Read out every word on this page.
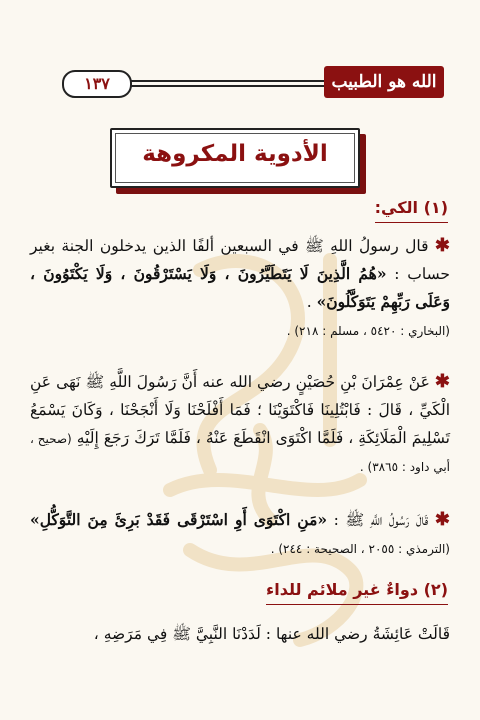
١٣٧	الله هو الطبيب
الأدوية المكروهة
(١) الكي:
✱ قال رسولُ اللهِ ﷺ في السبعين ألفًا الذين يدخلون الجنة بغير حساب : «هُمُ الَّذِينَ لَا يَتَطَيَّرُونَ ، وَلَا يَسْتَرْقُونَ ، وَلَا يَكْتَوُونَ ، وَعَلَى رَبِّهِمْ يَتَوَكَّلُونَ» .
(البخاري : ٥٤٢٠ ، مسلم : ٢١٨) .
✱ عَنْ عِمْرَانَ بْنِ حُصَيْنٍ رضي الله عنه أَنَّ رَسُولَ اللَّهِ ﷺ نَهَى عَنِ الْكَيِّ ، قَالَ : فَابْتُلِينَا فَاكْتَوَيْنَا ؛ فَمَا أَفْلَحْنَا وَلَا أَنْجَحْنَا ، وَكَانَ يَسْمَعُ تَسْلِيمَ الْمَلَائِكَةِ ، فَلَمَّا اكْتَوَى انْقَطَعَ عَنْهُ ، فَلَمَّا تَرَكَ رَجَعَ إِلَيْهِ (صحيح ، أبي داود : ٣٨٦٥) .
✱ قَالَ رَسُولُ اللَّهِ ﷺ : «مَنِ اكْتَوَى أَوِ اسْتَرْقَى فَقَدْ بَرِئَ مِنَ التَّوَكُّلِ» (الترمذي : ٢٠٥٥ ، الصحيحة : ٢٤٤) .
(٢) دواءٌ غير ملائم للداء
قَالَتْ عَائِشَةُ رضي الله عنها : لَدَدْنَا النَّبِيَّ ﷺ فِي مَرَضِهِ ،
